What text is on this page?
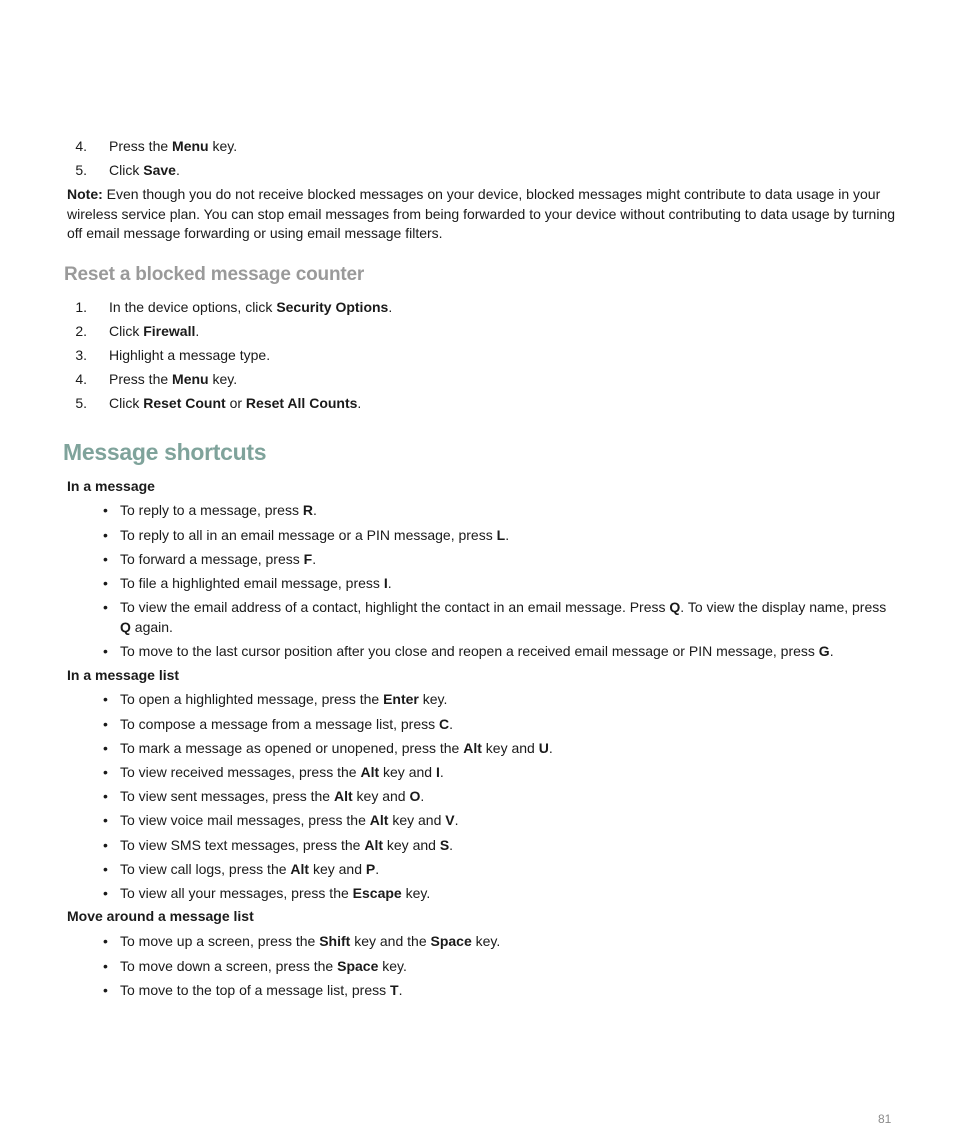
4. Press the Menu key.
5. Click Save.
Note: Even though you do not receive blocked messages on your device, blocked messages might contribute to data usage in your wireless service plan. You can stop email messages from being forwarded to your device without contributing to data usage by turning off email message forwarding or using email message filters.
Reset a blocked message counter
1. In the device options, click Security Options.
2. Click Firewall.
3. Highlight a message type.
4. Press the Menu key.
5. Click Reset Count or Reset All Counts.
Message shortcuts
In a message
• To reply to a message, press R.
• To reply to all in an email message or a PIN message, press L.
• To forward a message, press F.
• To file a highlighted email message, press I.
• To view the email address of a contact, highlight the contact in an email message. Press Q. To view the display name, press Q again.
• To move to the last cursor position after you close and reopen a received email message or PIN message, press G.
In a message list
• To open a highlighted message, press the Enter key.
• To compose a message from a message list, press C.
• To mark a message as opened or unopened, press the Alt key and U.
• To view received messages, press the Alt key and I.
• To view sent messages, press the Alt key and O.
• To view voice mail messages, press the Alt key and V.
• To view SMS text messages, press the Alt key and S.
• To view call logs, press the Alt key and P.
• To view all your messages, press the Escape key.
Move around a message list
• To move up a screen, press the Shift key and the Space key.
• To move down a screen, press the Space key.
• To move to the top of a message list, press T.
81
